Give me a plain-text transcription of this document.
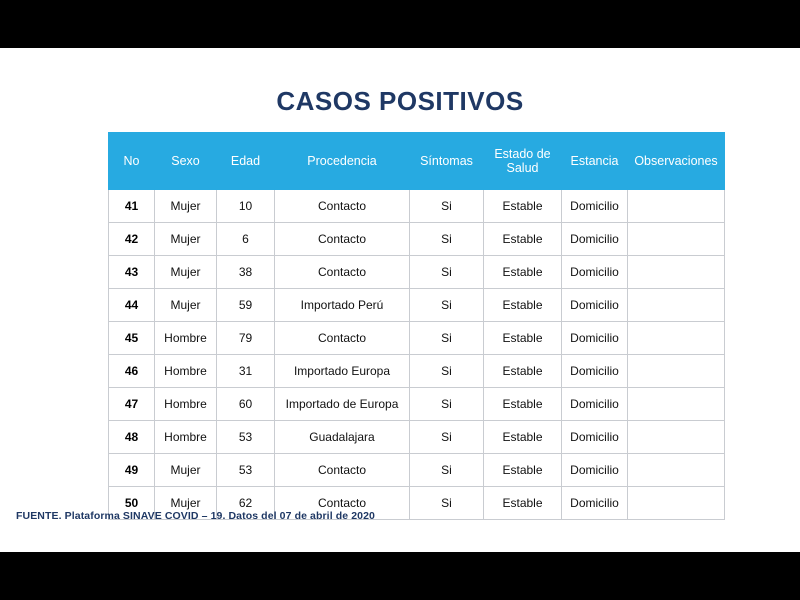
CASOS POSITIVOS
No	Sexo	Edad	Procedencia	Síntomas	Estado de Salud	Estancia	Observaciones
41	Mujer	10	Contacto	Si	Estable	Domicilio	
42	Mujer	6	Contacto	Si	Estable	Domicilio	
43	Mujer	38	Contacto	Si	Estable	Domicilio	
44	Mujer	59	Importado Perú	Si	Estable	Domicilio	
45	Hombre	79	Contacto	Si	Estable	Domicilio	
46	Hombre	31	Importado Europa	Si	Estable	Domicilio	
47	Hombre	60	Importado de Europa	Si	Estable	Domicilio	
48	Hombre	53	Guadalajara	Si	Estable	Domicilio	
49	Mujer	53	Contacto	Si	Estable	Domicilio	
50	Mujer	62	Contacto	Si	Estable	Domicilio	
FUENTE. Plataforma SINAVE COVID – 19. Datos del 07 de abril de 2020
